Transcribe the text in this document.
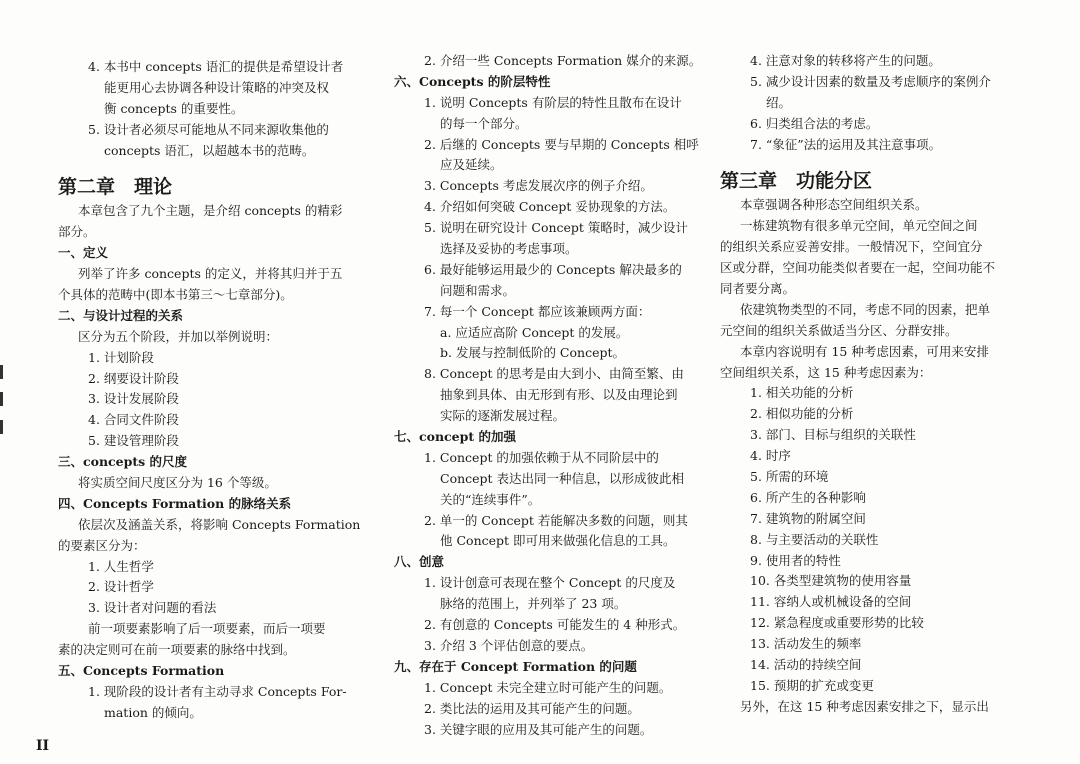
4. 本书中 concepts 语汇的提供是希望设计者
能更用心去协调各种设计策略的冲突及权
衡 concepts 的重要性。
5. 设计者必须尽可能地从不同来源收集他的
concepts 语汇，以超越本书的范畴。
第二章　理论
本章包含了九个主题，是介绍 concepts 的精彩
部分。
一、定义
列举了许多 concepts 的定义，并将其归并于五
个具体的范畴中(即本书第三～七章部分)。
二、与设计过程的关系
区分为五个阶段，并加以举例说明：
1. 计划阶段
2. 纲要设计阶段
3. 设计发展阶段
4. 合同文件阶段
5. 建设管理阶段
三、concepts 的尺度
将实质空间尺度区分为 16 个等级。
四、Concepts Formation 的脉络关系
依层次及涵盖关系，将影响 Concepts Formation
的要素区分为：
1. 人生哲学
2. 设计哲学
3. 设计者对问题的看法
前一项要素影响了后一项要素，而后一项要
素的决定则可在前一项要素的脉络中找到。
五、Concepts Formation
1. 现阶段的设计者有主动寻求 Concepts For-
mation 的倾向。
2. 介绍一些 Concepts Formation 媒介的来源。
六、Concepts 的阶层特性
1. 说明 Concepts 有阶层的特性且散布在设计
的每一个部分。
2. 后继的 Concepts 要与早期的 Concepts 相呼
应及延续。
3. Concepts 考虑发展次序的例子介绍。
4. 介绍如何突破 Concept 妥协现象的方法。
5. 说明在研究设计 Concept 策略时，减少设计
选择及妥协的考虑事项。
6. 最好能够运用最少的 Concepts 解决最多的
问题和需求。
7. 每一个 Concept 都应该兼顾两方面：
a. 应适应高阶 Concept 的发展。
b. 发展与控制低阶的 Concept。
8. Concept 的思考是由大到小、由简至繁、由
抽象到具体、由无形到有形、以及由理论到
实际的逐渐发展过程。
七、concept 的加强
1. Concept 的加强依赖于从不同阶层中的
Concept 表达出同一种信息，以形成彼此相
关的“连续事件”。
2. 单一的 Concept 若能解决多数的问题，则其
他 Concept 即可用来做强化信息的工具。
八、创意
1. 设计创意可表现在整个 Concept 的尺度及
脉络的范围上，并列举了 23 项。
2. 有创意的 Concepts 可能发生的 4 种形式。
3. 介绍 3 个评估创意的要点。
九、存在于 Concept Formation 的问题
1. Concept 未完全建立时可能产生的问题。
2. 类比法的运用及其可能产生的问题。
3. 关键字眼的应用及其可能产生的问题。
4. 注意对象的转移将产生的问题。
5. 减少设计因素的数量及考虑顺序的案例介
绍。
6. 归类组合法的考虑。
7. “象征”法的运用及其注意事项。
第三章　功能分区
本章强调各种形态空间组织关系。
一栋建筑物有很多单元空间，单元空间之间
的组织关系应妥善安排。一般情况下，空间宜分
区或分群，空间功能类似者要在一起，空间功能不
同者要分离。
依建筑物类型的不同，考虑不同的因素，把单
元空间的组织关系做适当分区、分群安排。
本章内容说明有 15 种考虑因素，可用来安排
空间组织关系，这 15 种考虑因素为：
1. 相关功能的分析
2. 相似功能的分析
3. 部门、目标与组织的关联性
4. 时序
5. 所需的环境
6. 所产生的各种影响
7. 建筑物的附属空间
8. 与主要活动的关联性
9. 使用者的特性
10. 各类型建筑物的使用容量
11. 容纳人或机械设备的空间
12. 紧急程度或重要形势的比较
13. 活动发生的频率
14. 活动的持续空间
15. 预期的扩充或变更
另外，在这 15 种考虑因素安排之下，显示出
II
